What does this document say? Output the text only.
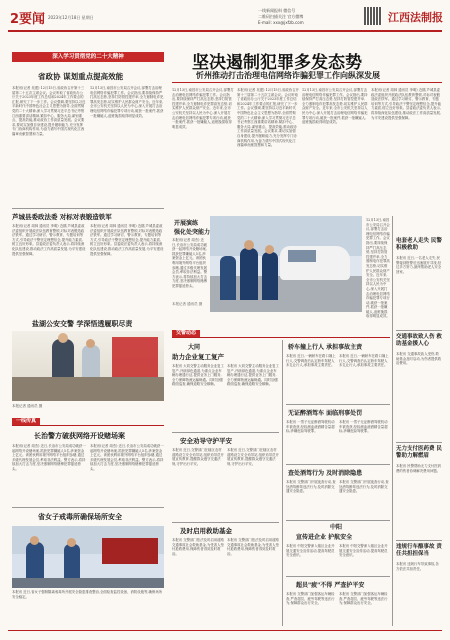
2要闻 2023年12月18日 星期日
一线新闻报料 微信号
二维码扫描关注 官方微博
E-mail: xxx@jxfzb.com	江西法制报
深入学习贯彻党的二十大精神
省政协 谋划重点提高效能
本报讯(记者 吴建) 12月15日,省政协召开第十三届第二十五次主席会议。会议听取了省政协办公厅关于2023年度工作总结和2024年工作要点的汇报,研究了下一步工作。会议强调,要坚持以习近平新时代中国特色社会主义思想为指导,全面贯彻党的二十大精神,深入学习贯彻习近平总书记考察江西重要讲话精神,紧扣中心、服务大局,谋划重点、提高效能,推动政协工作高质量发展。会议要求,要切实加强自身建设,提升履职能力,充分发挥专门协商机构作用,为奋力谱写中国式现代化江西篇章贡献智慧和力量。
12月13日,南昌市公安局召开会议,部署打击治理电信网络诈骗犯罪工作。会议指出,要持续保持严打高压态势,坚持打防管控建并举,全力遏制电诈犯罪高发态势,切实维护人民群众财产安全。近年来,全市公安机关坚持以人民为中心,深入开展打击治理电信网络诈骗犯罪专项行动,破获一批案件,抓获一批嫌疑人,追赃挽损取得明显成效。
芦城县委政法委 对标对表锻造铁军
本报讯(记者 周林 通讯员 李明) 近期,芦城县委政法委组织开展政法队伍教育整顿,对标对表锻造政法铁军。通过学习研讨、警示教育、专题培训等方式,引导政法干警坚定理想信念,提升能力素质,树立良好形象。县委政法委负责人表示,将持续深化队伍建设,推动政法工作高质量发展,为平安建设提供坚强保障。
本报讯(记者 周林 通讯员 李明) 近期,芦城县委政法委组织开展政法队伍教育整顿,对标对表锻造政法铁军。通过学习研讨、警示教育、专题培训等方式,引导政法干警坚定理想信念,提升能力素质,树立良好形象。县委政法委负责人表示,将持续深化队伍建设,推动政法工作高质量发展,为平安建设提供坚强保障。
盐湖公安交警 学深悟透履职尽责
本报记者 通讯员 摄
一线传真
长治警方破获网络开设赌场案
本报讯(记者 周杰) 近日,长治市公安局成功破获一起网络开设赌场案,抓获犯罪嫌疑人5名,涉案资金上亿元。该团伙利用境外网络平台组织参赌,通过多级代理发展会员,牟取非法利益。警方表示,将持续加大打击力度,坚决遏制网络赌博犯罪蔓延势头。
本报讯(记者 周杰) 近日,长治市公安局成功破获一起网络开设赌场案,抓获犯罪嫌疑人5名,涉案资金上亿元。该团伙利用境外网络平台组织参赌,通过多级代理发展会员,牟取非法利益。警方表示,将持续加大打击力度,坚决遏制网络赌博犯罪蔓延势头。
省女子戒毒所确保场所安全
本报讯 近日,省女子强制隔离戒毒所开展安全隐患排查整治,全面检查监控设备、消防设施等,确保场所安全稳定。
坚决遏制犯罪多发态势
忻州推动打击治理电信网络诈骗犯罪工作向纵深发展
12月13日,南昌市公安局召开会议,部署打击治理电信网络诈骗犯罪工作。会议指出,要持续保持严打高压态势,坚持打防管控建并举,全力遏制电诈犯罪高发态势,切实维护人民群众财产安全。近年来,全市公安机关坚持以人民为中心,深入开展打击治理电信网络诈骗犯罪专项行动,破获一批案件,抓获一批嫌疑人,追赃挽损取得明显成效。
本报讯(记者 吴建) 12月15日,省政协召开第十三届第二十五次主席会议。会议听取了省政协办公厅关于2023年度工作总结和2024年工作要点的汇报,研究了下一步工作。会议强调,要坚持以习近平新时代中国特色社会主义思想为指导,全面贯彻党的二十大精神,深入学习贯彻习近平总书记考察江西重要讲话精神,紧扣中心、服务大局,谋划重点、提高效能,推动政协工作高质量发展。会议要求,要切实加强自身建设,提升履职能力,充分发挥专门协商机构作用,为奋力谱写中国式现代化江西篇章贡献智慧和力量。
12月13日,南昌市公安局召开会议,部署打击治理电信网络诈骗犯罪工作。会议指出,要持续保持严打高压态势,坚持打防管控建并举,全力遏制电诈犯罪高发态势,切实维护人民群众财产安全。近年来,全市公安机关坚持以人民为中心,深入开展打击治理电信网络诈骗犯罪专项行动,破获一批案件,抓获一批嫌疑人,追赃挽损取得明显成效。
本报讯(记者 周林 通讯员 李明) 近期,芦城县委政法委组织开展政法队伍教育整顿,对标对表锻造政法铁军。通过学习研讨、警示教育、专题培训等方式,引导政法干警坚定理想信念,提升能力素质,树立良好形象。县委政法委负责人表示,将持续深化队伍建设,推动政法工作高质量发展,为平安建设提供坚强保障。
开展演练
强化处突能力
本报讯(记者 周杰) 近日,长治市公安局成功破获一起网络开设赌场案,抓获犯罪嫌疑人5名,涉案资金上亿元。该团伙利用境外网络平台组织参赌,通过多级代理发展会员,牟取非法利益。警方表示,将持续加大打击力度,坚决遏制网络赌博犯罪蔓延势头。
本报记者 通讯员 摄
12月13日,南昌市公安局召开会议,部署打击治理电信网络诈骗犯罪工作。会议指出,要持续保持严打高压态势,坚持打防管控建并举,全力遏制电诈犯罪高发态势,切实维护人民群众财产安全。近年来,全市公安机关坚持以人民为中心,深入开展打击治理电信网络诈骗犯罪专项行动,破获一批案件,抓获一批嫌疑人,追赃挽损取得明显成效。
电套老人走失 民警积极救助
本报讯 近日,一名老人走失,民警接到报警后迅速展开寻找,经过多方努力,最终帮助老人安全回家。
交通事故致人伤 救助基金援人心
本报讯 交通事故致人受伤,救助基金及时启动,为伤者提供救治费用。
无力支付医药费 民警助力解燃眉
本报讯 民警帮助无力支付医药费的伤者协调解决费用问题。
违规行车酿事故 责任共担担保当
本报讯 违规行车导致事故,各方依法共担责任。
交警动态
大同
助力企业复工复产
本报讯 大同交警主动服务企业复工复产,开辟绿色通道,为重点企业车辆办理通行证,提供业务上门服务,全力保障物流运输畅通。同时加强路面巡查,确保道路安全顺畅。
本报讯 大同交警主动服务企业复工复产,开辟绿色通道,为重点企业车辆办理通行证,提供业务上门服务,全力保障物流运输畅通。同时加强路面巡查,确保道路安全顺畅。
安全劝导守护平安
本报讯 近日,交警部门在辖区农村道路设立安全劝导站,组织劝导员开展宣传教育,提醒群众遵守交通法规,守护出行平安。
本报讯 近日,交警部门在辖区农村道路设立安全劝导站,组织劝导员开展宣传教育,提醒群众遵守交通法规,守护出行平安。
及时启用救助基金
本报讯 交警部门依法及时启用道路交通事故社会救助基金,为受害人垫付抢救费用,保障伤者得到及时救治。
本报讯 交警部门依法及时启用道路交通事故社会救助基金,为受害人垫付抢救费用,保障伤者得到及时救治。
轿车撞上行人 承担事故主责
本报讯 近日,一辆轿车在路口撞上行人,交警调查后认定轿车驾驶人未礼让行人,承担事故主要责任。
本报讯 近日,一辆轿车在路口撞上行人,交警调查后认定轿车驾驶人未礼让行人,承担事故主要责任。
无证醉酒驾车 面临刑事处罚
本报讯 一男子无证醉酒驾驶机动车被查获,经检测血液酒精含量超标,涉嫌危险驾驶罪。
本报讯 一男子无证醉酒驾驶机动车被查获,经检测血液酒精含量超标,涉嫌危险驾驶罪。
查处酒驾行为 及时消除隐患
本报讯 交警部门开展夜查行动,查处酒驾醉驾违法行为,及时消除交通安全隐患。
本报讯 交警部门开展夜查行动,查处酒驾醉驾违法行为,及时消除交通安全隐患。
中阳
宣传进企业 护航安全
本报讯 中阳交警深入辖区企业开展交通安全宣传活动,提高驾驶员安全意识。
本报讯 中阳交警深入辖区企业开展交通安全宣传活动,提高驾驶员安全意识。
超员"疲"不得 严查护平安
本报讯 交警部门加强客运车辆检查,严查超员、疲劳驾驶等违法行为,保障群众出行安全。
本报讯 交警部门加强客运车辆检查,严查超员、疲劳驾驶等违法行为,保障群众出行安全。
